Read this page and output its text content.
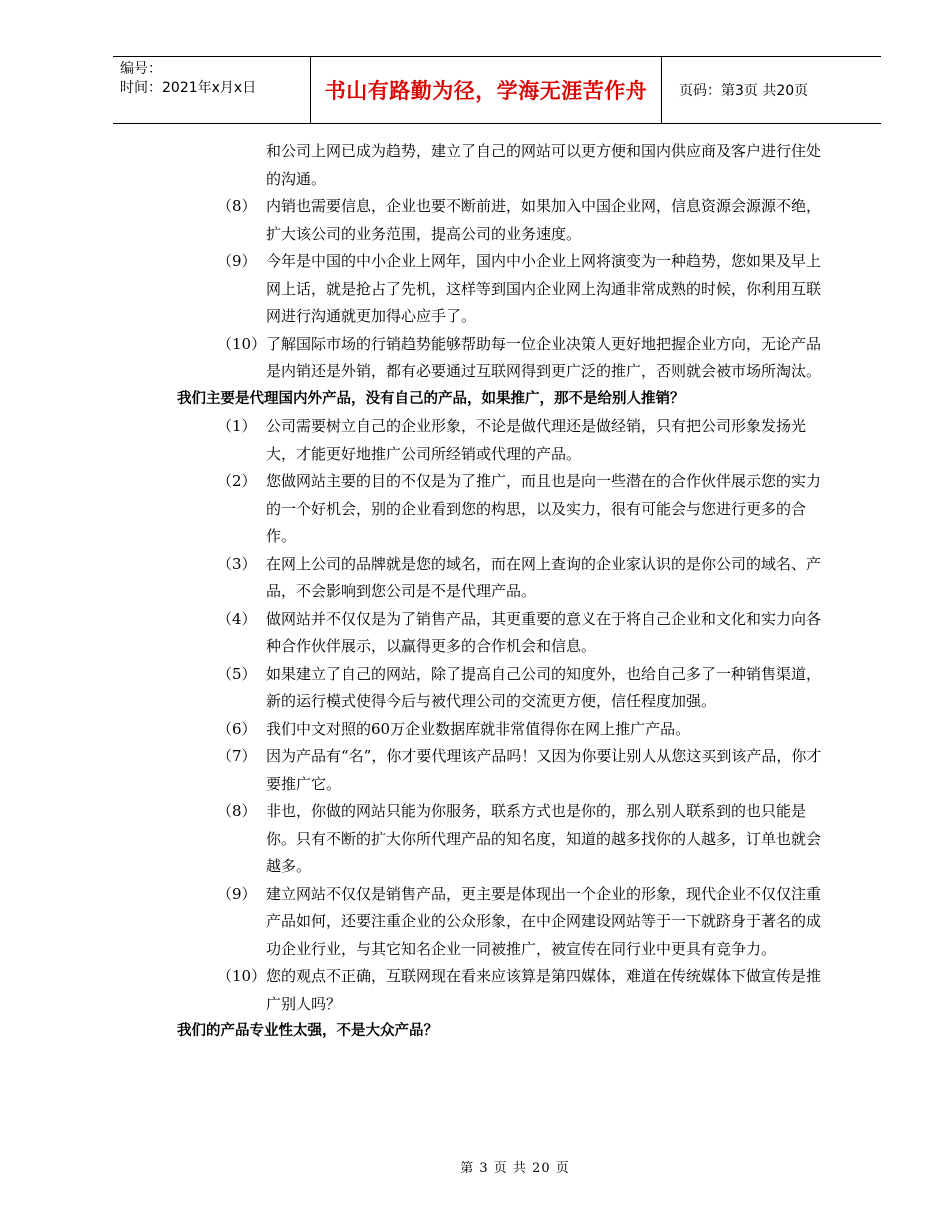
编号：
时间：2021年x月x日	书山有路勤为径，学海无涯苦作舟	页码：第3页 共20页
和公司上网已成为趋势，建立了自己的网站可以更方便和国内供应商及客户进行住处的沟通。
（8） 内销也需要信息，企业也要不断前进，如果加入中国企业网，信息资源会源源不绝，扩大该公司的业务范围，提高公司的业务速度。
（9） 今年是中国的中小企业上网年，国内中小企业上网将演变为一种趋势，您如果及早上网上话，就是抢占了先机，这样等到国内企业网上沟通非常成熟的时候，你利用互联网进行沟通就更加得心应手了。
（10） 了解国际市场的行销趋势能够帮助每一位企业决策人更好地把握企业方向，无论产品是内销还是外销，都有必要通过互联网得到更广泛的推广，否则就会被市场所淘汰。
我们主要是代理国内外产品，没有自己的产品，如果推广，那不是给别人推销？
（1） 公司需要树立自己的企业形象，不论是做代理还是做经销，只有把公司形象发扬光大，才能更好地推广公司所经销或代理的产品。
（2） 您做网站主要的目的不仅是为了推广，而且也是向一些潜在的合作伙伴展示您的实力的一个好机会，别的企业看到您的构思，以及实力，很有可能会与您进行更多的合作。
（3） 在网上公司的品牌就是您的域名，而在网上查询的企业家认识的是你公司的域名、产品，不会影响到您公司是不是代理产品。
（4） 做网站并不仅仅是为了销售产品，其更重要的意义在于将自己企业和文化和实力向各种合作伙伴展示，以赢得更多的合作机会和信息。
（5） 如果建立了自己的网站，除了提高自己公司的知度外，也给自己多了一种销售渠道，新的运行模式使得今后与被代理公司的交流更方便，信任程度加强。
（6） 我们中文对照的60万企业数据库就非常值得你在网上推广产品。
（7） 因为产品有“名”，你才要代理该产品吗！又因为你要让别人从您这买到该产品，你才要推广它。
（8） 非也，你做的网站只能为你服务，联系方式也是你的，那么别人联系到的也只能是你。只有不断的扩大你所代理产品的知名度，知道的越多找你的人越多，订单也就会越多。
（9） 建立网站不仅仅是销售产品，更主要是体现出一个企业的形象，现代企业不仅仅注重产品如何，还要注重企业的公众形象，在中企网建设网站等于一下就跻身于著名的成功企业行业，与其它知名企业一同被推广，被宣传在同行业中更具有竞争力。
（10） 您的观点不正确，互联网现在看来应该算是第四媒体，难道在传统媒体下做宣传是推广别人吗？
我们的产品专业性太强，不是大众产品？
第 3 页 共 20 页
